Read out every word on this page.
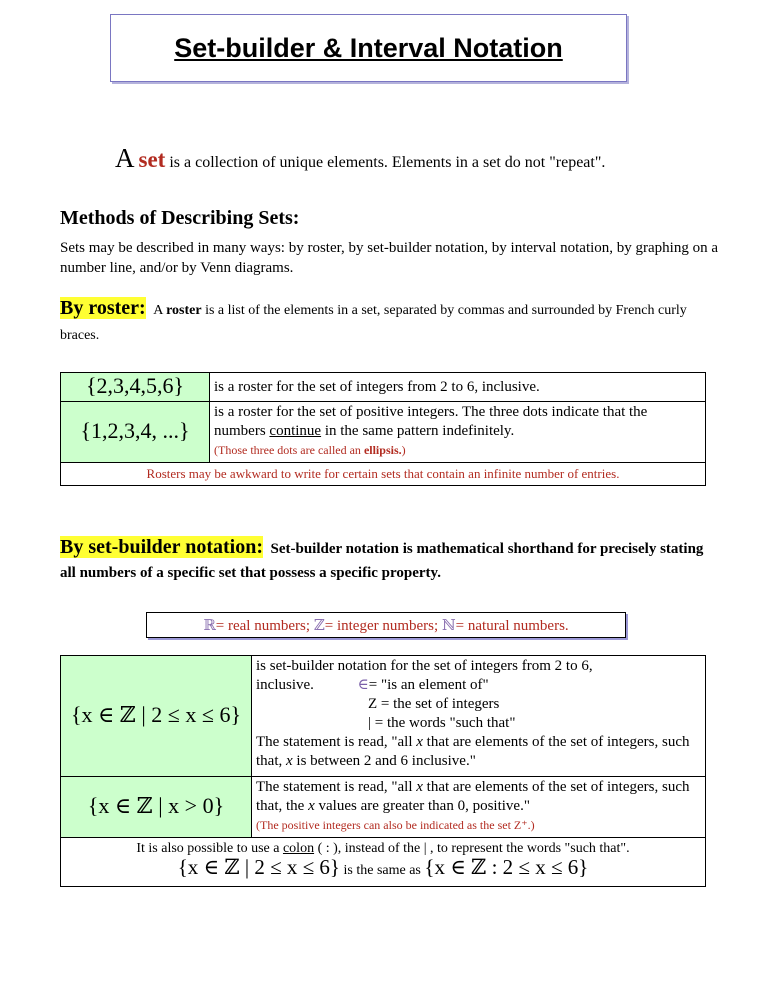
Set-builder & Interval Notation
A set is a collection of unique elements. Elements in a set do not "repeat".
Methods of Describing Sets:
Sets may be described in many ways: by roster, by set-builder notation, by interval notation, by graphing on a number line, and/or by Venn diagrams.
By roster: A roster is a list of the elements in a set, separated by commas and surrounded by French curly braces.
{2,3,4,5,6}	is a roster for the set of integers from 2 to 6, inclusive.
{1,2,3,4, ...}	is a roster for the set of positive integers. The three dots indicate that the numbers continue in the same pattern indefinitely.
(Those three dots are called an ellipsis.)
Rosters may be awkward to write for certain sets that contain an infinite number of entries.	
By set-builder notation: Set-builder notation is mathematical shorthand for precisely stating all numbers of a specific set that possess a specific property.
ℝ= real numbers; ℤ= integer numbers; ℕ= natural numbers.
{x ∈ ℤ | 2 ≤ x ≤ 6}	is set-builder notation for the set of integers from 2 to 6,
inclusive. ∈= "is an element of"
Z = the set of integers
| = the words "such that"
The statement is read, "all x that are elements of the set of integers, such that, x is between 2 and 6 inclusive."
{x ∈ ℤ | x > 0}	The statement is read, "all x that are elements of the set of integers, such that, the x values are greater than 0, positive."
(The positive integers can also be indicated as the set Z⁺.)
It is also possible to use a colon ( : ), instead of the | , to represent the words "such that".
{x ∈ ℤ | 2 ≤ x ≤ 6} is the same as {x ∈ ℤ : 2 ≤ x ≤ 6}	
